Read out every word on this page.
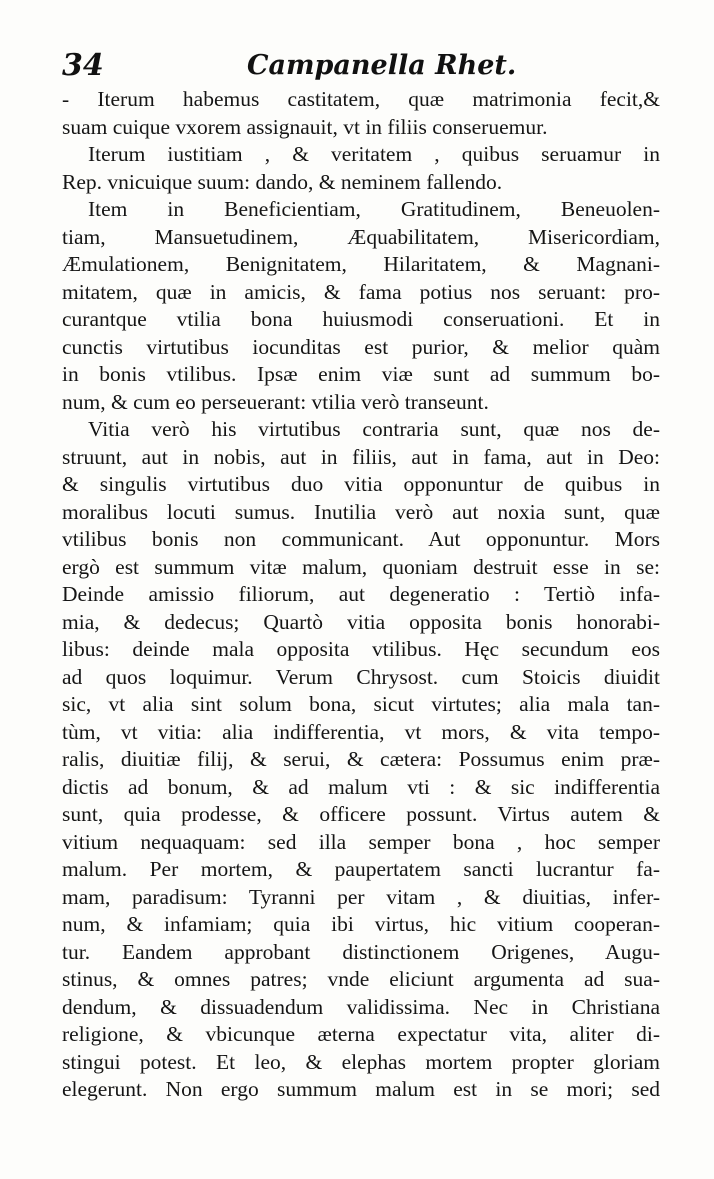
34	Campanella Rhet.
- Iterum habemus castitatem, quæ matrimonia fecit,&
suam cuique vxorem assignauit, vt in filiis conseruemur.
Iterum iustitiam , & veritatem , quibus seruamur in
Rep. vnicuique suum: dando, & neminem fallendo.
Item in Beneficientiam, Gratitudinem, Beneuolen-
tiam, Mansuetudinem, Æquabilitatem, Misericordiam,
Æmulationem, Benignitatem, Hilaritatem, & Magnani-
mitatem, quæ in amicis, & fama potius nos seruant: pro-
curantque vtilia bona huiusmodi conseruationi. Et in
cunctis virtutibus iocunditas est purior, & melior quàm
in bonis vtilibus. Ipsæ enim viæ sunt ad summum bo-
num, & cum eo perseuerant: vtilia verò transeunt.
Vitia verò his virtutibus contraria sunt, quæ nos de-
struunt, aut in nobis, aut in filiis, aut in fama, aut in Deo:
& singulis virtutibus duo vitia opponuntur de quibus in
moralibus locuti sumus. Inutilia verò aut noxia sunt, quæ
vtilibus bonis non communicant. Aut opponuntur. Mors
ergò est summum vitæ malum, quoniam destruit esse in se:
Deinde amissio filiorum, aut degeneratio : Tertiò infa-
mia, & dedecus; Quartò vitia opposita bonis honorabi-
libus: deinde mala opposita vtilibus. Hęc secundum eos
ad quos loquimur. Verum Chrysost. cum Stoicis diuidit
sic, vt alia sint solum bona, sicut virtutes; alia mala tan-
tùm, vt vitia: alia indifferentia, vt mors, & vita tempo-
ralis, diuitiæ filij, & serui, & cætera: Possumus enim præ-
dictis ad bonum, & ad malum vti : & sic indifferentia
sunt, quia prodesse, & officere possunt. Virtus autem &
vitium nequaquam: sed illa semper bona , hoc semper
malum. Per mortem, & paupertatem sancti lucrantur fa-
mam, paradisum: Tyranni per vitam , & diuitias, infer-
num, & infamiam; quia ibi virtus, hic vitium cooperan-
tur. Eandem approbant distinctionem Origenes, Augu-
stinus, & omnes patres; vnde eliciunt argumenta ad sua-
dendum, & dissuadendum validissima. Nec in Christiana
religione, & vbicunque æterna expectatur vita, aliter di-
stingui potest. Et leo, & elephas mortem propter gloriam
elegerunt. Non ergo summum malum est in se mori; sed
